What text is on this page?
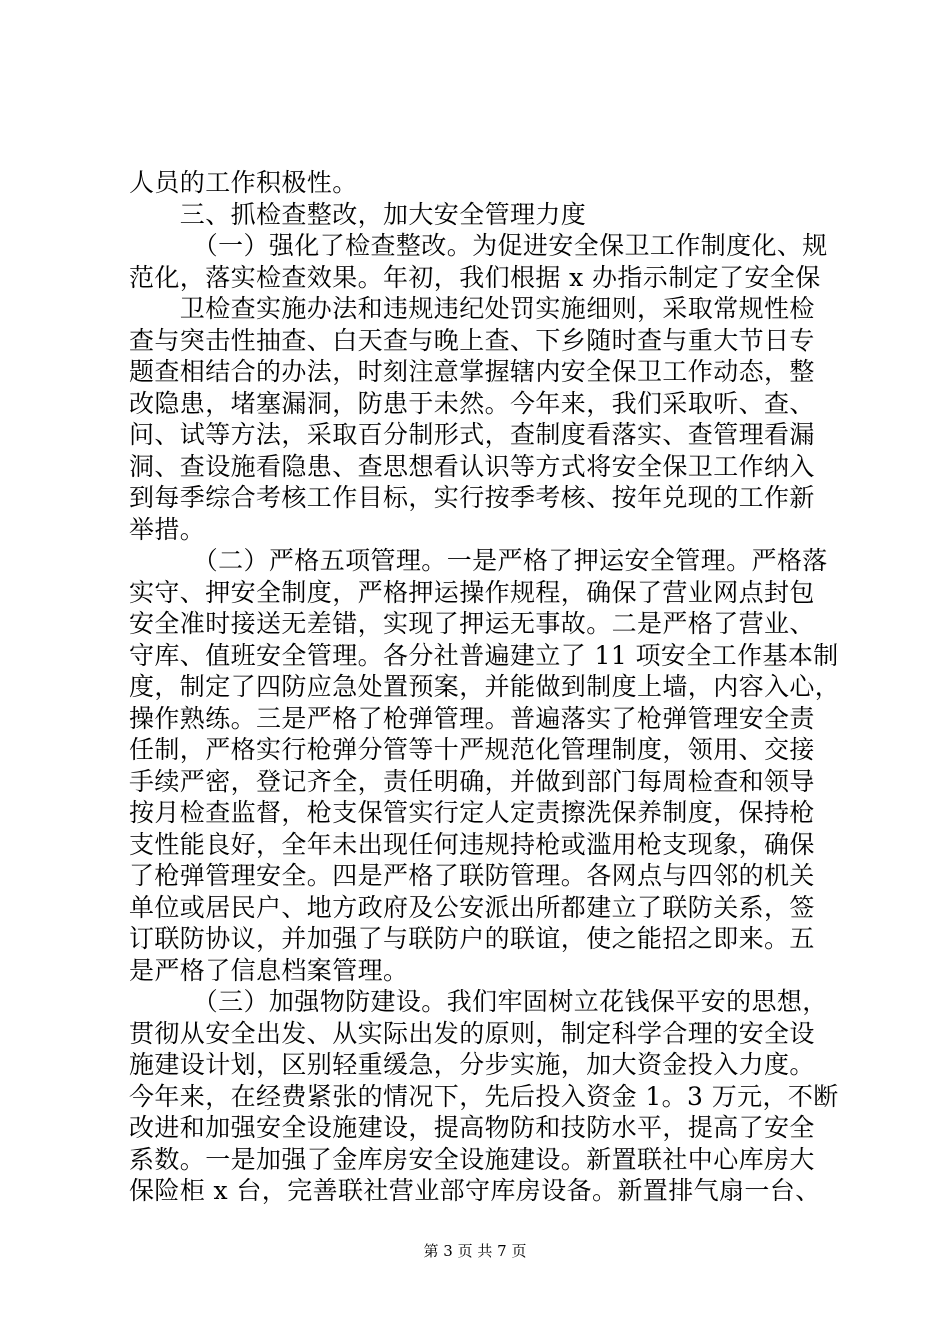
人员的工作积极性。
　　三、抓检查整改，加大安全管理力度
　　　（一）强化了检查整改。为促进安全保卫工作制度化、规
范化，落实检查效果。年初，我们根据 x 办指示制定了安全保
　　卫检查实施办法和违规违纪处罚实施细则，采取常规性检
查与突击性抽查、白天查与晚上查、下乡随时查与重大节日专
题查相结合的办法，时刻注意掌握辖内安全保卫工作动态，整
改隐患，堵塞漏洞，防患于未然。今年来，我们采取听、查、
问、试等方法，采取百分制形式，查制度看落实、查管理看漏
洞、查设施看隐患、查思想看认识等方式将安全保卫工作纳入
到每季综合考核工作目标，实行按季考核、按年兑现的工作新
举措。
　　　（二）严格五项管理。一是严格了押运安全管理。严格落
实守、押安全制度，严格押运操作规程，确保了营业网点封包
安全准时接送无差错，实现了押运无事故。二是严格了营业、
守库、值班安全管理。各分社普遍建立了 11 项安全工作基本制
度，制定了四防应急处置预案，并能做到制度上墙，内容入心，
操作熟练。三是严格了枪弹管理。普遍落实了枪弹管理安全责
任制，严格实行枪弹分管等十严规范化管理制度，领用、交接
手续严密，登记齐全，责任明确，并做到部门每周检查和领导
按月检查监督，枪支保管实行定人定责擦洗保养制度，保持枪
支性能良好，全年未出现任何违规持枪或滥用枪支现象，确保
了枪弹管理安全。四是严格了联防管理。各网点与四邻的机关
单位或居民户、地方政府及公安派出所都建立了联防关系，签
订联防协议，并加强了与联防户的联谊，使之能招之即来。五
是严格了信息档案管理。
　　　（三）加强物防建设。我们牢固树立花钱保平安的思想，
贯彻从安全出发、从实际出发的原则，制定科学合理的安全设
施建设计划，区别轻重缓急，分步实施，加大资金投入力度。
今年来，在经费紧张的情况下，先后投入资金 1。3 万元，不断
改进和加强安全设施建设，提高物防和技防水平，提高了安全
系数。一是加强了金库房安全设施建设。新置联社中心库房大
第 3 页 共 7 页
保险柜 x 台，完善联社营业部守库房设备。新置排气扇一台、
